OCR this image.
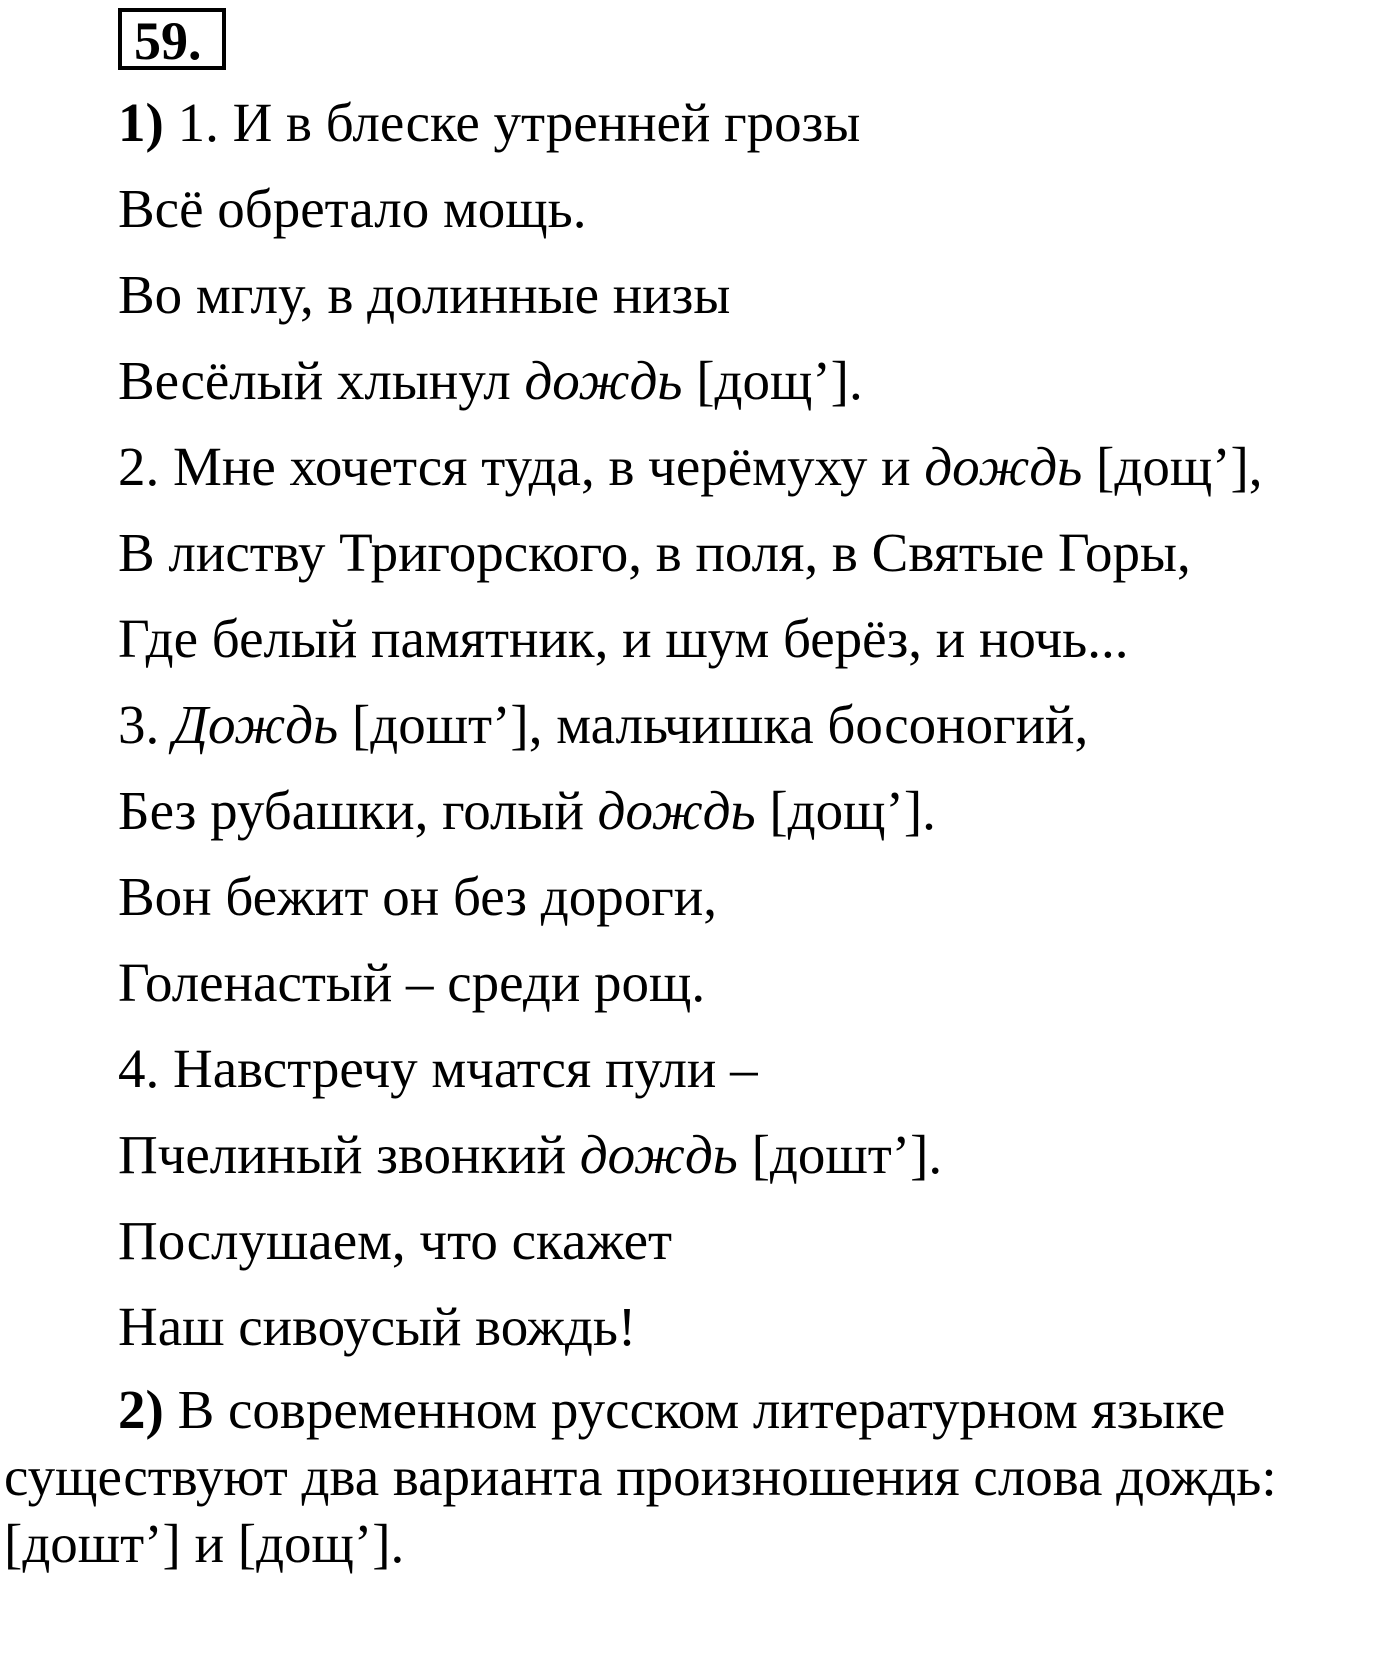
59.
1) 1. И в блеске утренней грозы
Всё обретало мощь.
Во мглу, в долинные низы
Весёлый хлынул дождь [дощ’].
2. Мне хочется туда, в черёмуху и дождь [дощ’],
В листву Тригорского, в поля, в Святые Горы,
Где белый памятник, и шум берёз, и ночь...
3. Дождь [дошт’], мальчишка босоногий,
Без рубашки, голый дождь [дощ’].
Вон бежит он без дороги,
Голенастый – среди рощ.
4. Навстречу мчатся пули –
Пчелиный звонкий дождь [дошт’].
Послушаем, что скажет
Наш сивоусый вождь!
2) В современном русском литературном языке
существуют два варианта произношения слова дождь:
[дошт’] и [дощ’].
